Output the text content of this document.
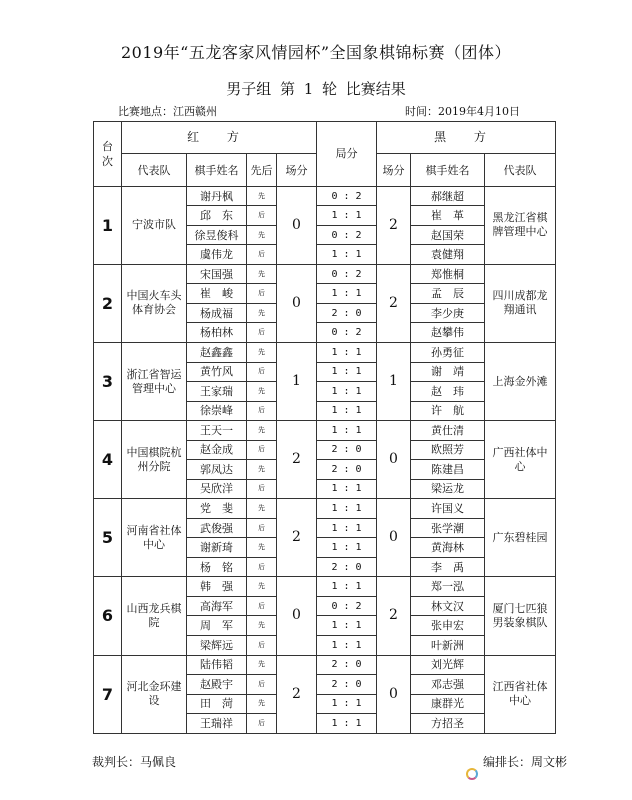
2019年“五龙客家风情园杯”全国象棋锦标赛（团体）
男子组 第 1 轮 比赛结果
比赛地点：江西赣州	时间：2019年4月10日
台次	红 方				局分	黑 方		
	代表队	棋手姓名	先后	场分		场分	棋手姓名	代表队
1	宁波市队	谢丹枫	先	0	0 : 2	2	郝继超	黑龙江省棋牌管理中心
		邱　东	后		1 : 1		崔　革	
		徐昱俊科	先		0 : 2		赵国荣	
		虞伟龙	后		1 : 1		袁健翔	
2	中国火车头体育协会	宋国强	先	0	0 : 2	2	郑惟桐	四川成都龙翔通讯
		崔　峻	后		1 : 1		孟　辰	
		杨成福	先		2 : 0		李少庚	
		杨柏林	后		0 : 2		赵攀伟	
3	浙江省智运管理中心	赵鑫鑫	先	1	1 : 1	1	孙勇征	上海金外滩
		黄竹风	后		1 : 1		谢　靖	
		王家瑞	先		1 : 1		赵　玮	
		徐崇峰	后		1 : 1		许　航	
4	中国棋院杭州分院	王天一	先	2	1 : 1	0	黄仕清	广西社体中心
		赵金成	后		2 : 0		欧照芳	
		郭凤达	先		2 : 0		陈建昌	
		吴欣洋	后		1 : 1		梁运龙	
5	河南省社体中心	党　斐	先	2	1 : 1	0	许国义	广东碧桂园
		武俊强	后		1 : 1		张学潮	
		谢新琦	先		1 : 1		黄海林	
		杨　铭	后		2 : 0		李　禹	
6	山西龙兵棋院	韩　强	先	0	1 : 1	2	郑一泓	厦门七匹狼男装象棋队
		高海军	后		0 : 2		林文汉	
		周　军	先		1 : 1		张申宏	
		梁辉远	后		1 : 1		叶新洲	
7	河北金环建设	陆伟韬	先	2	2 : 0	0	刘光辉	江西省社体中心
		赵殿宇	后		2 : 0		邓志强	
		田　菏	先		1 : 1		康群光	
		王瑞祥	后		1 : 1		方招圣	
裁判长：马佩良	编排长：周文彬
